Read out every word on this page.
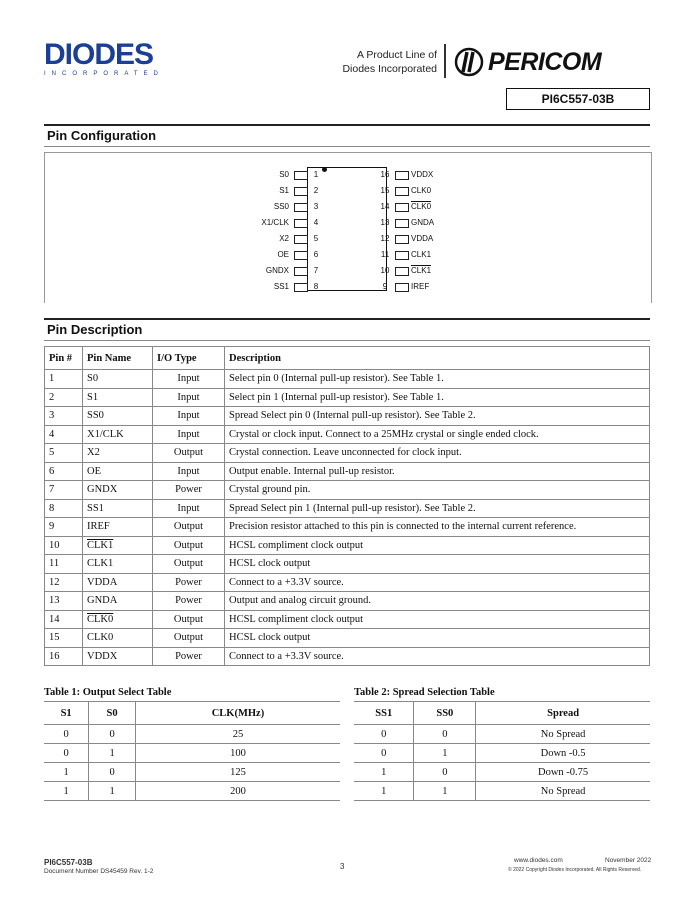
DIODES
INCORPORATED
A Product Line of
Diodes Incorporated PERICOM
PI6C557-03B
Pin Configuration
S0	1
S1	2
SS0	3
X1/CLK	4
X2	5
OE	6
GNDX	7
SS1	8
16	VDDX
15	CLK0
14	CLK0
13	GNDA
12	VDDA
11	CLK1
10	CLK1
9	IREF
Pin Description
Pin #	Pin Name	I/O Type	Description
1	S0	Input	Select pin 0 (Internal pull-up resistor). See Table 1.
2	S1	Input	Select pin 1 (Internal pull-up resistor). See Table 1.
3	SS0	Input	Spread Select pin 0 (Internal pull-up resistor). See Table 2.
4	X1/CLK	Input	Crystal or clock input. Connect to a 25MHz crystal or single ended clock.
5	X2	Output	Crystal connection. Leave unconnected for clock input.
6	OE	Input	Output enable. Internal pull-up resistor.
7	GNDX	Power	Crystal ground pin.
8	SS1	Input	Spread Select pin 1 (Internal pull-up resistor). See Table 2.
9	IREF	Output	Precision resistor attached to this pin is connected to the internal current reference.
10	CLK1	Output	HCSL compliment clock output
11	CLK1	Output	HCSL clock output
12	VDDA	Power	Connect to a +3.3V source.
13	GNDA	Power	Output and analog circuit ground.
14	CLK0	Output	HCSL compliment clock output
15	CLK0	Output	HCSL clock output
16	VDDX	Power	Connect to a +3.3V source.
Table 1: Output Select Table
S1	S0	CLK(MHz)
0	0	25
0	1	100
1	0	125
1	1	200
Table 2: Spread Selection Table
SS1	SS0	Spread
0	0	No Spread
0	1	Down -0.5
1	0	Down -0.75
1	1	No Spread
PI6C557-03B
Document Number DS45459 Rev. 1-2
3
www.diodes.com	November 2022
© 2022 Copyright Diodes Incorporated. All Rights Reserved.
